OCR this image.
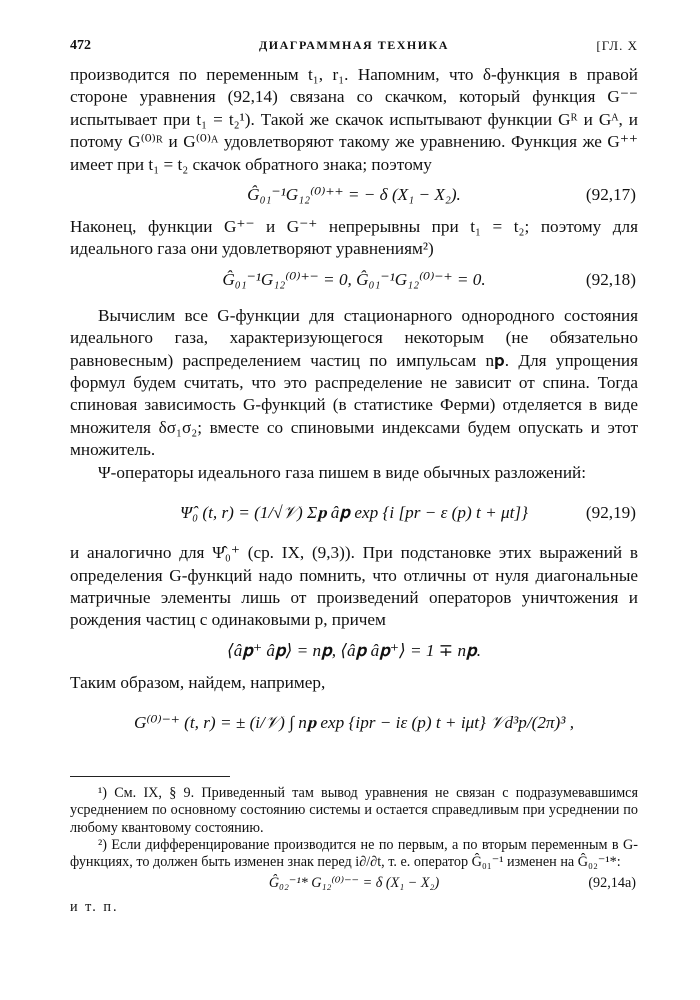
472	ДИАГРАММНАЯ ТЕХНИКА	[ГЛ. X

производится по переменным t₁, r₁. Напомним, что δ-функция в правой стороне уравнения (92,14) связана со скачком, который функция G⁻⁻ испытывает при t₁ = t₂¹). Такой же скачок испытывают функции Gᴿ и Gᴬ, и потому G⁽⁰⁾ᴿ и G⁽⁰⁾ᴬ удовлетворяют такому же уравнению. Функция же G⁺⁺ имеет при t₁ = t₂ скачок обратного знака; поэтому

Ĝ₀₁⁻¹G₁₂⁽⁰⁾⁺⁺ = − δ (X₁ − X₂).	(92,17)

Наконец, функции G⁺⁻ и G⁻⁺ непрерывны при t₁ = t₂; поэтому для идеального газа они удовлетворяют уравнениям²)

Ĝ₀₁⁻¹G₁₂⁽⁰⁾⁺⁻ = 0, Ĝ₀₁⁻¹G₁₂⁽⁰⁾⁻⁺ = 0.	(92,18)

Вычислим все G-функции для стационарного однородного состояния идеального газа, характеризующегося некоторым (не обязательно равновесным) распределением частиц по импульсам n𝐩. Для упрощения формул будем считать, что это распределение не зависит от спина. Тогда спиновая зависимость G-функций (в статистике Ферми) отделяется в виде множителя δσ₁σ₂; вместе со спиновыми индексами будем опускать и этот множитель.

Ψ-операторы идеального газа пишем в виде обычных разложений:

Ψ̂₀ (t, r) = (1/√𝒱) Σ𝐩 â𝐩 exp {i [pr − ε (p) t + μt]}	(92,19)

и аналогично для Ψ̂₀⁺ (ср. IX, (9,3)). При подстановке этих выражений в определения G-функций надо помнить, что отличны от нуля диагональные матричные элементы лишь от произведений операторов уничтожения и рождения частиц с одинаковыми p, причем

⟨â𝐩⁺ â𝐩⟩ = n𝐩, ⟨â𝐩 â𝐩⁺⟩ = 1 ∓ n𝐩.

Таким образом, найдем, например,

G⁽⁰⁾⁻⁺ (t, r) = ± (i/𝒱) ∫ n𝐩 exp {ipr − iε (p) t + iμt} 𝒱d³p/(2π)³ ,

¹) См. IX, § 9. Приведенный там вывод уравнения не связан с подразумевавшимся усреднением по основному состоянию системы и остается справедливым при усреднении по любому квантовому состоянию.

²) Если дифференцирование производится не по первым, а по вторым переменным в G-функциях, то должен быть изменен знак перед i∂/∂t, т. е. оператор Ĝ₀₁⁻¹ изменен на Ĝ₀₂⁻¹*:

Ĝ₀₂⁻¹* G₁₂⁽⁰⁾⁻⁻ = δ (X₁ − X₂)	(92,14а)
и т. п.
